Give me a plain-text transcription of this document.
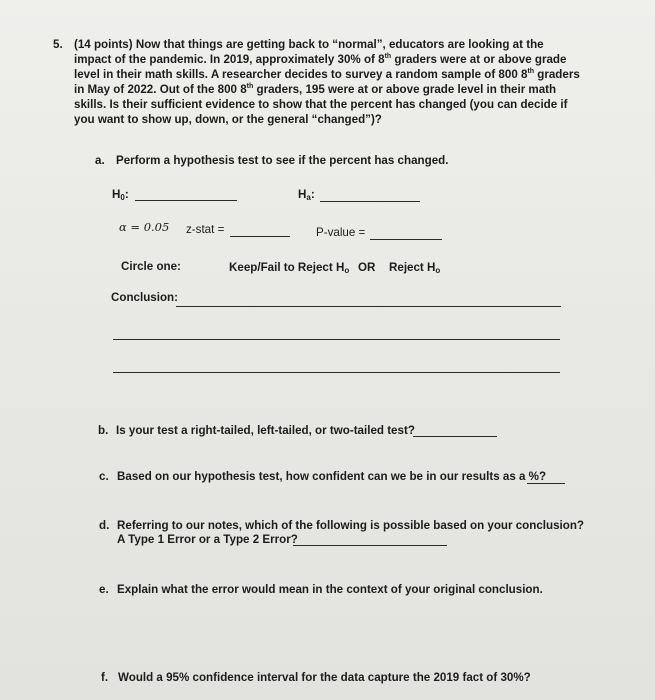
5. (14 points) Now that things are getting back to “normal”, educators are looking at the
impact of the pandemic. In 2019, approximately 30% of 8th graders were at or above grade
level in their math skills. A researcher decides to survey a random sample of 800 8th graders
in May of 2022. Out of the 800 8th graders, 195 were at or above grade level in their math
skills. Is their sufficient evidence to show that the percent has changed (you can decide if
you want to show up, down, or the general “changed”)?
a. Perform a hypothesis test to see if the percent has changed.
H0:	Ha:
α = 0.05 z-stat =	P-value =
Circle one:	Keep/Fail to Reject Ho OR Reject Ho
Conclusion:
b. Is your test a right-tailed, left-tailed, or two-tailed test?
c. Based on our hypothesis test, how confident can we be in our results as a %?
d. Referring to our notes, which of the following is possible based on your conclusion?
A Type 1 Error or a Type 2 Error?
e. Explain what the error would mean in the context of your original conclusion.
f. Would a 95% confidence interval for the data capture the 2019 fact of 30%?
